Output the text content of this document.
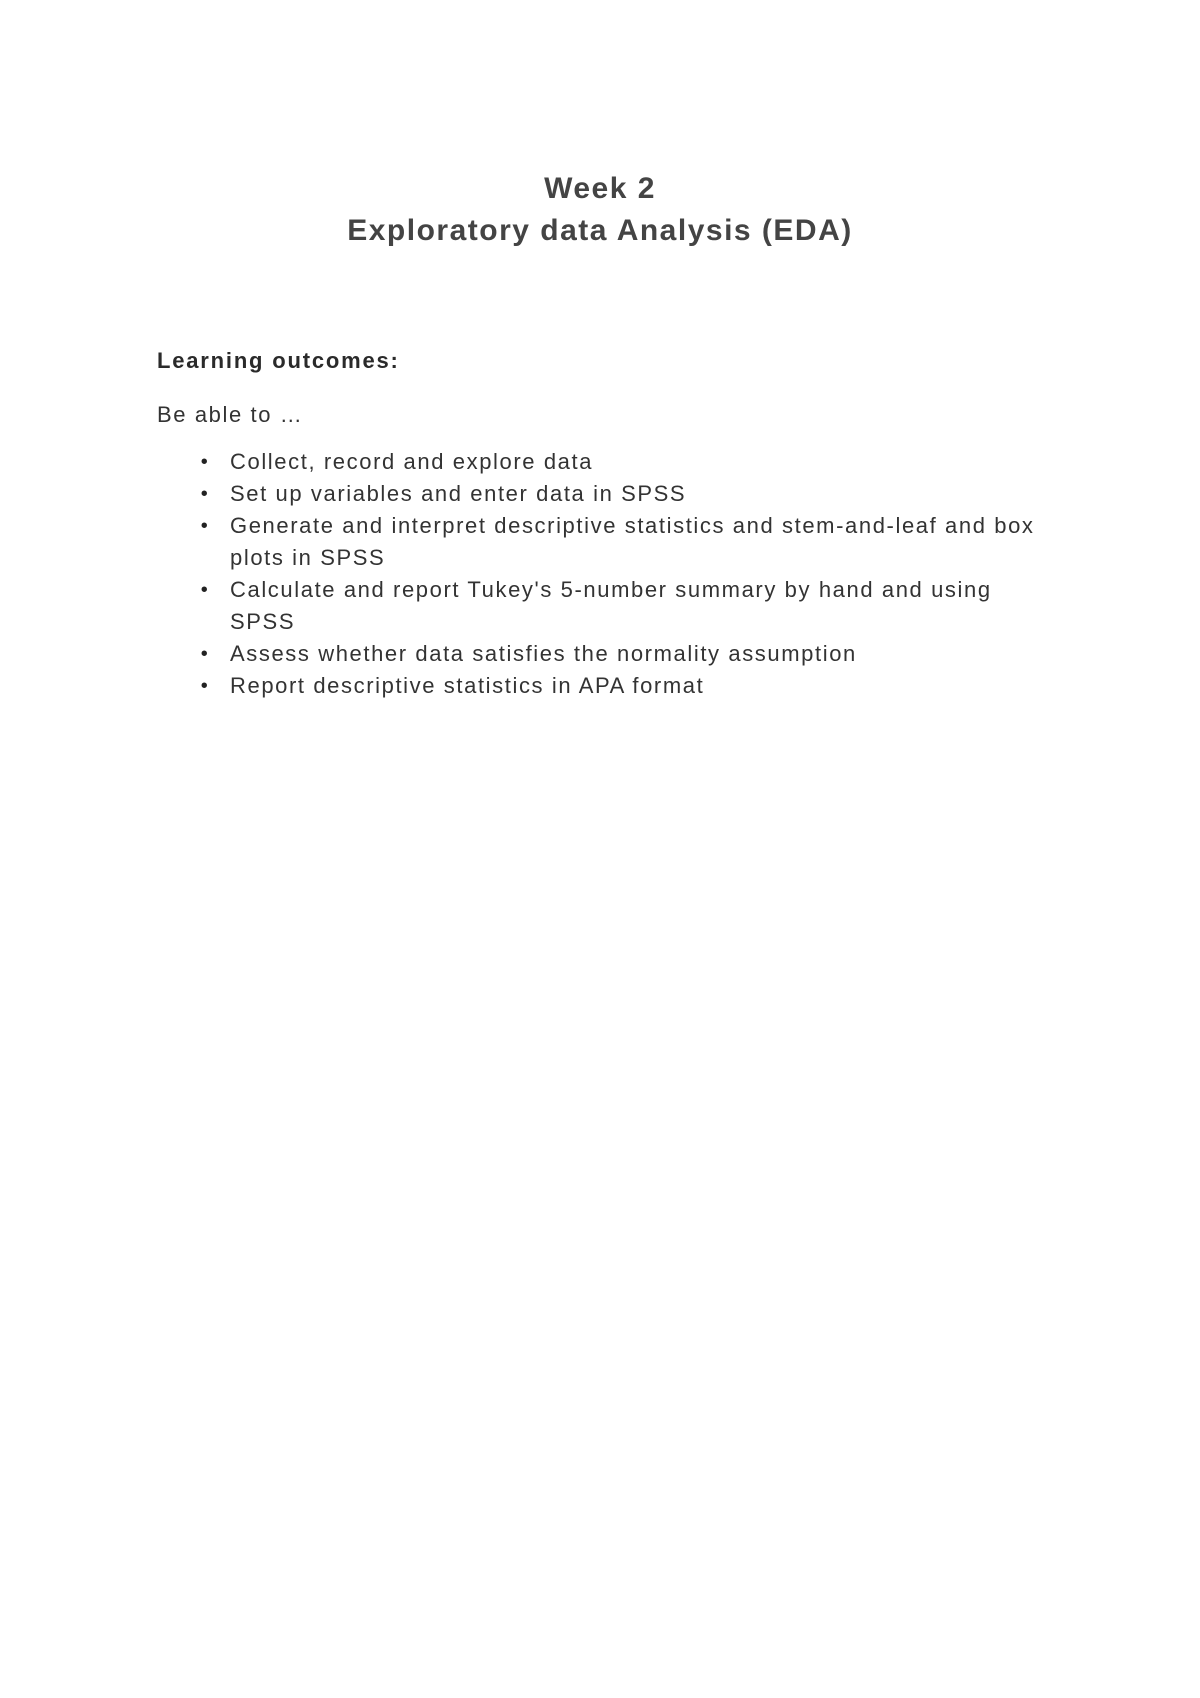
Week 2
Exploratory data Analysis (EDA)
Learning outcomes:
Be able to …
• Collect, record and explore data
• Set up variables and enter data in SPSS
• Generate and interpret descriptive statistics and stem-and-leaf and box plots in SPSS
• Calculate and report Tukey's 5-number summary by hand and using SPSS
• Assess whether data satisfies the normality assumption
• Report descriptive statistics in APA format
